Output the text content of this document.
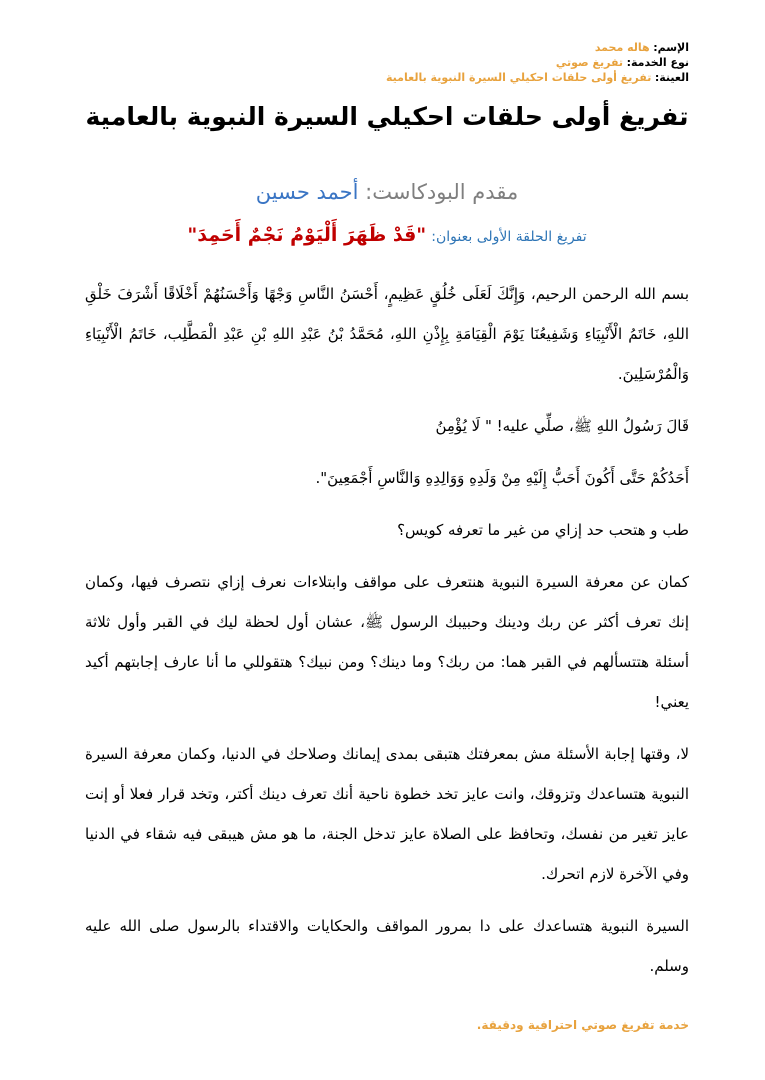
الإسم: هاله محمد
نوع الخدمة: تفريغ صوتي
العينة: تفريغ أولى حلقات احكيلي السيرة النبوية بالعامية
تفريغ أولى حلقات احكيلي السيرة النبوية بالعامية
مقدم البودكاست: أحمد حسين
تفريغ الحلقة الأولى بعنوان: "قَدْ ظَهَرَ أَلْيَوْمُ نَجْمٌ أَحَمِدَ"

بسم الله الرحمن الرحيم، وَإِنَّكَ لَعَلَى خُلُقٍ عَظِيمٍ، أَحْسَنُ النَّاسِ وَجْهًا وَأَحْسَنُهُمْ أَخْلَاقًا أَشْرَفَ خَلْقِ اللهِ، خَاتَمُ الْأَنْبِيَاءِ وَشَفِيعُنَا يَوْمَ الْقِيَامَةِ بِإِذْنِ اللهِ، مُحَمَّدُ بْنُ عَبْدِ اللهِ بْنِ عَبْدِ الْمَطَّلِب، خَاتَمُ الْأَنْبِيَاءِ وَالْمُرْسَلِينَ.

قَالَ رَسُولُ اللهِ ﷺ، صلِّي عليه! " لَا يُؤْمِنُ

أَحَدُكُمْ حَتَّى أَكُونَ أَحَبُّ إِلَيْهِ مِنْ وَلَدِهِ وَوَالِدِهِ وَالنَّاسِ أَجْمَعِينَ".

طب و هتحب حد إزاي من غير ما تعرفه كويس؟

كمان عن معرفة السيرة النبوية هنتعرف على مواقف وابتلاءات نعرف إزاي نتصرف فيها، وكمان إنك تعرف أكثر عن ربك ودينك وحبيبك الرسول ﷺ، عشان أول لحظة ليك في القبر وأول ثلاثة أسئلة هتتسألهم في القبر هما: من ربك؟ وما دينك؟ ومن نبيك؟ هتقوللي ما أنا عارف إجابتهم أكيد يعني!

لا، وقتها إجابة الأسئلة مش بمعرفتك هتبقى بمدى إيمانك وصلاحك في الدنيا، وكمان معرفة السيرة النبوية هتساعدك وتزوقك، وانت عايز تخد خطوة ناحية أنك تعرف دينك أكتر، وتخد قرار فعلا أو إنت عايز تغير من نفسك، وتحافظ على الصلاة عايز تدخل الجنة، ما هو مش هيبقى فيه شقاء في الدنيا وفي الآخرة لازم اتحرك.

السيرة النبوية هتساعدك على دا بمرور المواقف والحكايات والاقتداء بالرسول صلى الله عليه وسلم.

خدمة تفريغ صوتي احترافية ودقيقة.
